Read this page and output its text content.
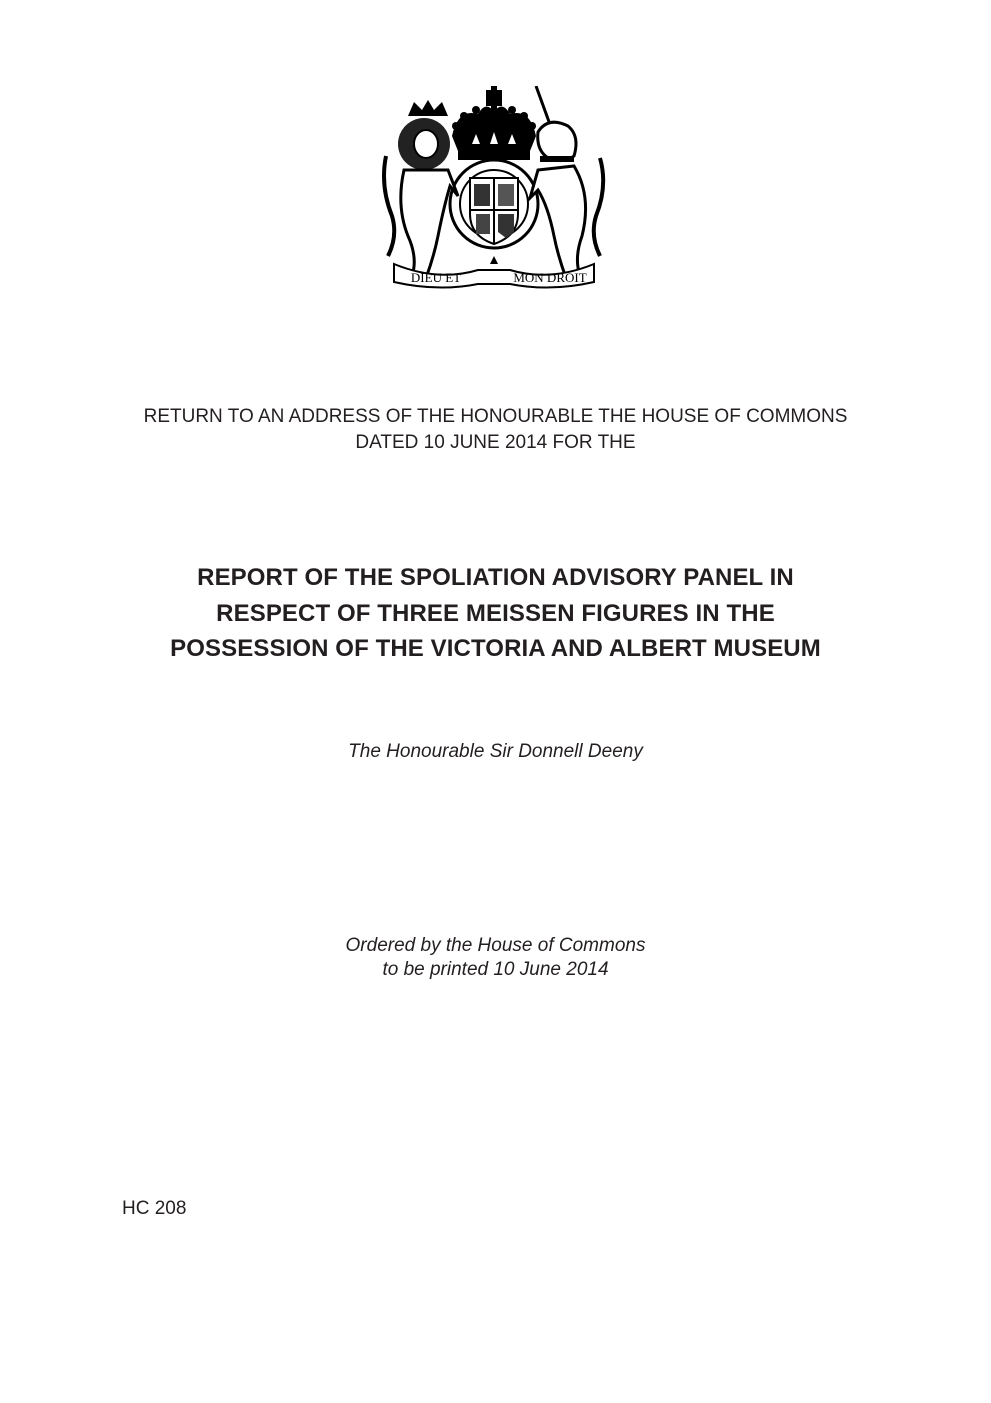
DIEU ET	MON DROIT
RETURN TO AN ADDRESS OF THE HONOURABLE THE HOUSE OF COMMONS
DATED 10 JUNE 2014 FOR THE
REPORT OF THE SPOLIATION ADVISORY PANEL IN
RESPECT OF THREE MEISSEN FIGURES IN THE
POSSESSION OF THE VICTORIA AND ALBERT MUSEUM
The Honourable Sir Donnell Deeny
Ordered by the House of Commons
to be printed 10 June 2014
HC 208
